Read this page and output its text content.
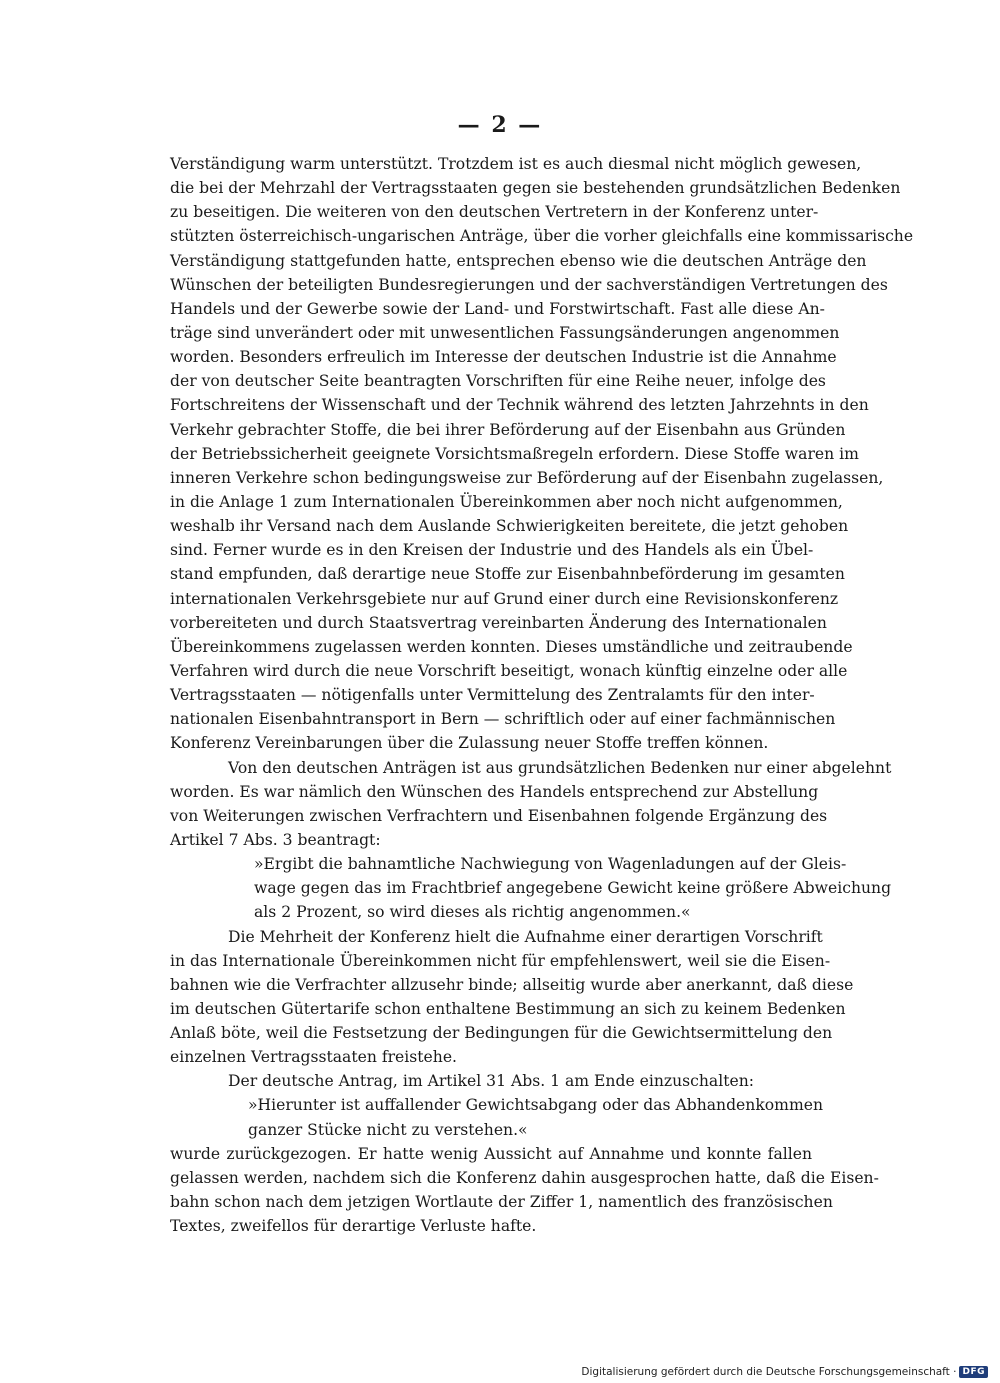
— 2 —
Verständigung warm unterstützt. Trotzdem ist es auch diesmal nicht möglich gewesen,
die bei der Mehrzahl der Vertragsstaaten gegen sie bestehenden grundsätzlichen Bedenken
zu beseitigen. Die weiteren von den deutschen Vertretern in der Konferenz unter-
stützten österreichisch-ungarischen Anträge, über die vorher gleichfalls eine kommissarische
Verständigung stattgefunden hatte, entsprechen ebenso wie die deutschen Anträge den
Wünschen der beteiligten Bundesregierungen und der sachverständigen Vertretungen des
Handels und der Gewerbe sowie der Land- und Forstwirtschaft. Fast alle diese An-
träge sind unverändert oder mit unwesentlichen Fassungsänderungen angenommen
worden. Besonders erfreulich im Interesse der deutschen Industrie ist die Annahme
der von deutscher Seite beantragten Vorschriften für eine Reihe neuer, infolge des
Fortschreitens der Wissenschaft und der Technik während des letzten Jahrzehnts in den
Verkehr gebrachter Stoffe, die bei ihrer Beförderung auf der Eisenbahn aus Gründen
der Betriebssicherheit geeignete Vorsichtsmaßregeln erfordern. Diese Stoffe waren im
inneren Verkehre schon bedingungsweise zur Beförderung auf der Eisenbahn zugelassen,
in die Anlage 1 zum Internationalen Übereinkommen aber noch nicht aufgenommen,
weshalb ihr Versand nach dem Auslande Schwierigkeiten bereitete, die jetzt gehoben
sind. Ferner wurde es in den Kreisen der Industrie und des Handels als ein Übel-
stand empfunden, daß derartige neue Stoffe zur Eisenbahnbeförderung im gesamten
internationalen Verkehrsgebiete nur auf Grund einer durch eine Revisionskonferenz
vorbereiteten und durch Staatsvertrag vereinbarten Änderung des Internationalen
Übereinkommens zugelassen werden konnten. Dieses umständliche und zeitraubende
Verfahren wird durch die neue Vorschrift beseitigt, wonach künftig einzelne oder alle
Vertragsstaaten — nötigenfalls unter Vermittelung des Zentralamts für den inter-
nationalen Eisenbahntransport in Bern — schriftlich oder auf einer fachmännischen
Konferenz Vereinbarungen über die Zulassung neuer Stoffe treffen können.
Von den deutschen Anträgen ist aus grundsätzlichen Bedenken nur einer abgelehnt
worden. Es war nämlich den Wünschen des Handels entsprechend zur Abstellung
von Weiterungen zwischen Verfrachtern und Eisenbahnen folgende Ergänzung des
Artikel 7 Abs. 3 beantragt:
»Ergibt die bahnamtliche Nachwiegung von Wagenladungen auf der Gleis-
wage gegen das im Frachtbrief angegebene Gewicht keine größere Abweichung
als 2 Prozent, so wird dieses als richtig angenommen.«
Die Mehrheit der Konferenz hielt die Aufnahme einer derartigen Vorschrift
in das Internationale Übereinkommen nicht für empfehlenswert, weil sie die Eisen-
bahnen wie die Verfrachter allzusehr binde; allseitig wurde aber anerkannt, daß diese
im deutschen Gütertarife schon enthaltene Bestimmung an sich zu keinem Bedenken
Anlaß böte, weil die Festsetzung der Bedingungen für die Gewichtsermittelung den
einzelnen Vertragsstaaten freistehe.
Der deutsche Antrag, im Artikel 31 Abs. 1 am Ende einzuschalten:
»Hierunter ist auffallender Gewichtsabgang oder das Abhandenkommen
ganzer Stücke nicht zu verstehen.«
wurde zurückgezogen. Er hatte wenig Aussicht auf Annahme und konnte fallen
gelassen werden, nachdem sich die Konferenz dahin ausgesprochen hatte, daß die Eisen-
bahn schon nach dem jetzigen Wortlaute der Ziffer 1, namentlich des französischen
Textes, zweifellos für derartige Verluste hafte.
Digitalisierung gefördert durch die Deutsche Forschungsgemeinschaft · DFG
